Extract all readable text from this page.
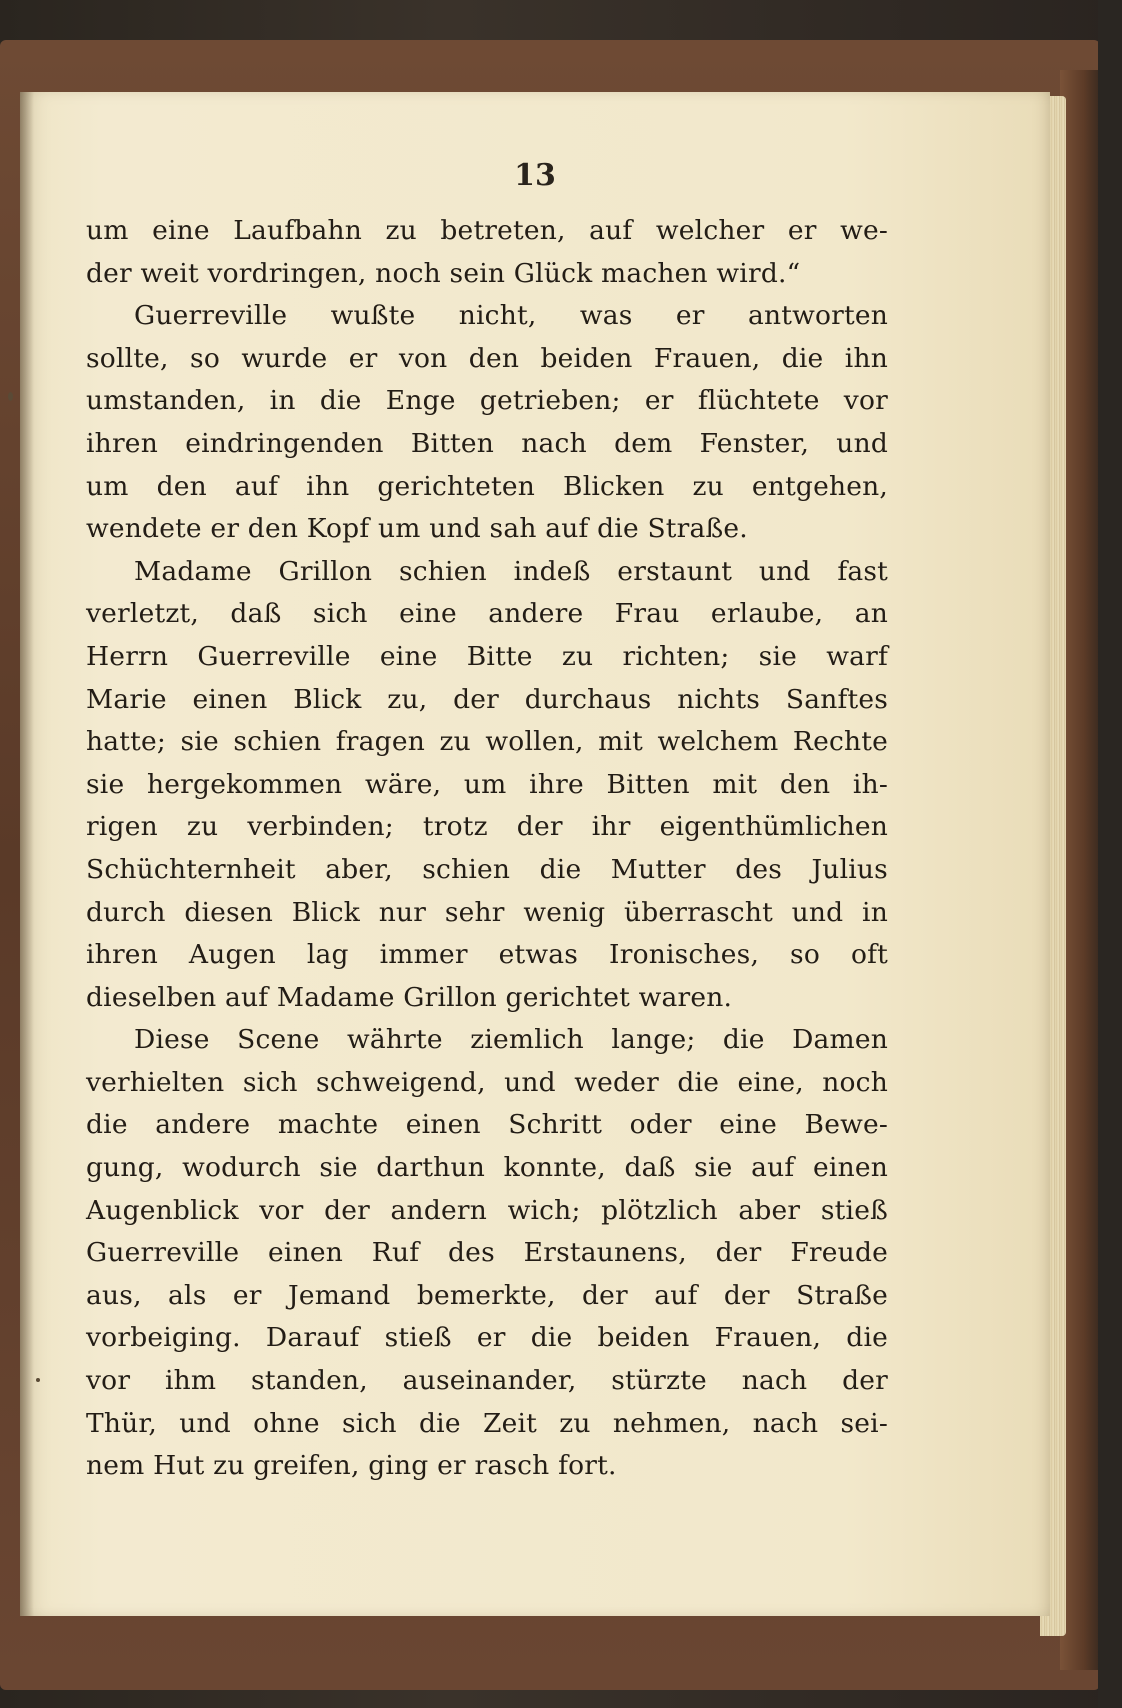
13
um eine Laufbahn zu betreten, auf welcher er we-
der weit vordringen, noch sein Glück machen wird.“
Guerreville wußte nicht, was er antworten
sollte, so wurde er von den beiden Frauen, die ihn
umstanden, in die Enge getrieben; er flüchtete vor
ihren eindringenden Bitten nach dem Fenster, und
um den auf ihn gerichteten Blicken zu entgehen,
wendete er den Kopf um und sah auf die Straße.
Madame Grillon schien indeß erstaunt und fast
verletzt, daß sich eine andere Frau erlaube, an
Herrn Guerreville eine Bitte zu richten; sie warf
Marie einen Blick zu, der durchaus nichts Sanftes
hatte; sie schien fragen zu wollen, mit welchem Rechte
sie hergekommen wäre, um ihre Bitten mit den ih-
rigen zu verbinden; trotz der ihr eigenthümlichen
Schüchternheit aber, schien die Mutter des Julius
durch diesen Blick nur sehr wenig überrascht und in
ihren Augen lag immer etwas Ironisches, so oft
dieselben auf Madame Grillon gerichtet waren.
Diese Scene währte ziemlich lange; die Damen
verhielten sich schweigend, und weder die eine, noch
die andere machte einen Schritt oder eine Bewe-
gung, wodurch sie darthun konnte, daß sie auf einen
Augenblick vor der andern wich; plötzlich aber stieß
Guerreville einen Ruf des Erstaunens, der Freude
aus, als er Jemand bemerkte, der auf der Straße
vorbeiging. Darauf stieß er die beiden Frauen, die
vor ihm standen, auseinander, stürzte nach der
Thür, und ohne sich die Zeit zu nehmen, nach sei-
nem Hut zu greifen, ging er rasch fort.
